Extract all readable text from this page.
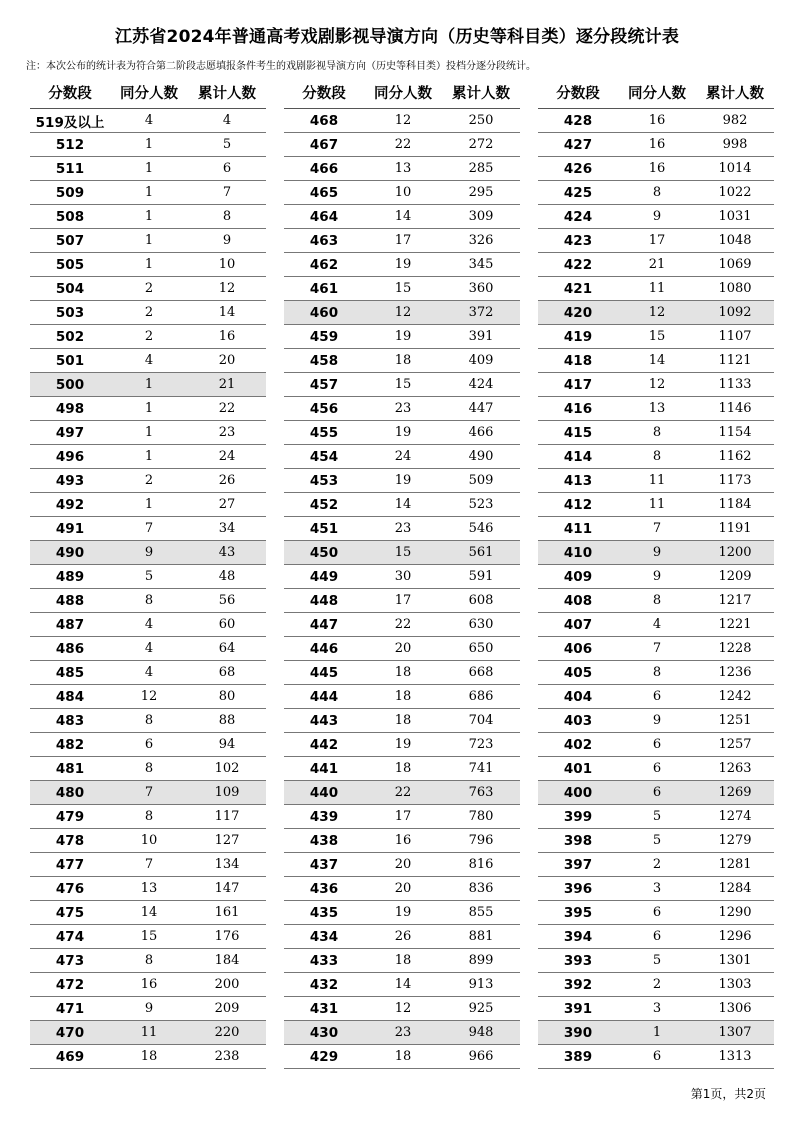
江苏省2024年普通高考戏剧影视导演方向（历史等科目类）逐分段统计表
注：本次公布的统计表为符合第二阶段志愿填报条件考生的戏剧影视导演方向（历史等科目类）投档分逐分段统计。
分数段	同分人数	累计人数
519及以上	4	4
512	1	5
511	1	6
509	1	7
508	1	8
507	1	9
505	1	10
504	2	12
503	2	14
502	2	16
501	4	20
500	1	21
498	1	22
497	1	23
496	1	24
493	2	26
492	1	27
491	7	34
490	9	43
489	5	48
488	8	56
487	4	60
486	4	64
485	4	68
484	12	80
483	8	88
482	6	94
481	8	102
480	7	109
479	8	117
478	10	127
477	7	134
476	13	147
475	14	161
474	15	176
473	8	184
472	16	200
471	9	209
470	11	220
469	18	238
分数段	同分人数	累计人数
468	12	250
467	22	272
466	13	285
465	10	295
464	14	309
463	17	326
462	19	345
461	15	360
460	12	372
459	19	391
458	18	409
457	15	424
456	23	447
455	19	466
454	24	490
453	19	509
452	14	523
451	23	546
450	15	561
449	30	591
448	17	608
447	22	630
446	20	650
445	18	668
444	18	686
443	18	704
442	19	723
441	18	741
440	22	763
439	17	780
438	16	796
437	20	816
436	20	836
435	19	855
434	26	881
433	18	899
432	14	913
431	12	925
430	23	948
429	18	966
分数段	同分人数	累计人数
428	16	982
427	16	998
426	16	1014
425	8	1022
424	9	1031
423	17	1048
422	21	1069
421	11	1080
420	12	1092
419	15	1107
418	14	1121
417	12	1133
416	13	1146
415	8	1154
414	8	1162
413	11	1173
412	11	1184
411	7	1191
410	9	1200
409	9	1209
408	8	1217
407	4	1221
406	7	1228
405	8	1236
404	6	1242
403	9	1251
402	6	1257
401	6	1263
400	6	1269
399	5	1274
398	5	1279
397	2	1281
396	3	1284
395	6	1290
394	6	1296
393	5	1301
392	2	1303
391	3	1306
390	1	1307
389	6	1313
第1页，共2页
